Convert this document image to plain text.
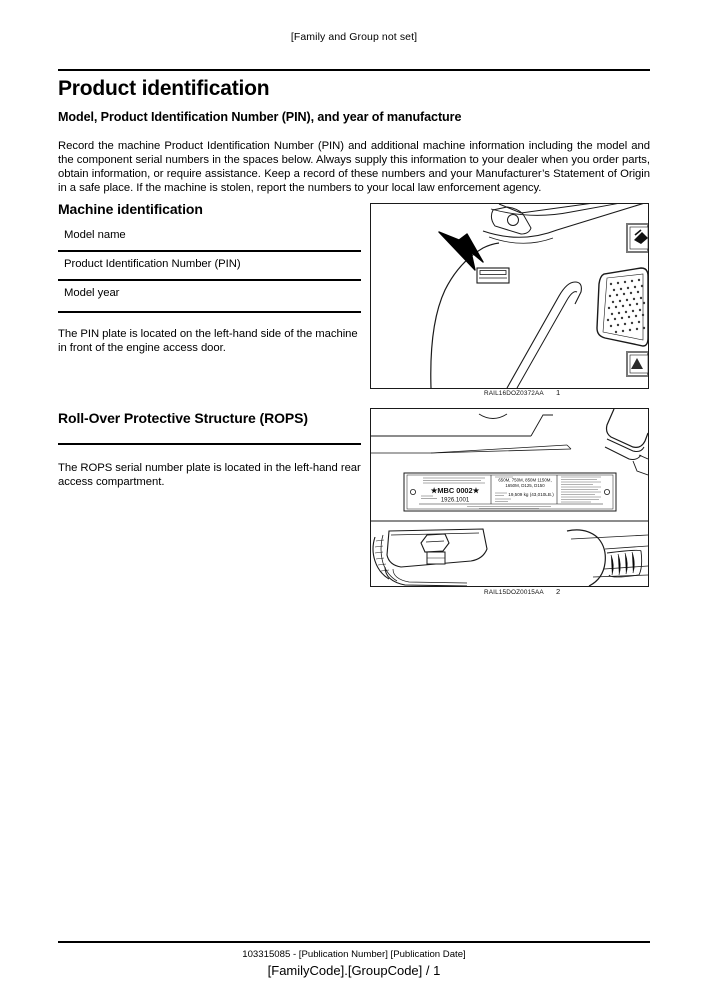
[Family and Group not set]
Product identification
Model, Product Identification Number (PIN), and year of manufacture
Record the machine Product Identification Number (PIN) and additional machine information including the model and the component serial numbers in the spaces below. Always supply this information to your dealer when you order parts, obtain information, or require assistance. Keep a record of these numbers and your Manufacturer’s Statement of Origin in a safe place. If the machine is stolen, report the numbers to your local law enforcement agency.
Machine identification
Model name
Product Identification Number (PIN)
Model year
The PIN plate is located on the left-hand side of the machine in front of the engine access door.
Roll-Over Protective Structure (ROPS)
The ROPS serial number plate is located in the left-hand rear access compartment.
RAIL16DOZ0372AA 1
★MBC 0002★
1926.1001
650M, 750M, 850M 1150M,
1650M, D125, D150
19,509 kg (43,010LB.)
RAIL15DOZ0015AA 2
103315085 - [Publication Number] [Publication Date]
[FamilyCode].[GroupCode] / 1
